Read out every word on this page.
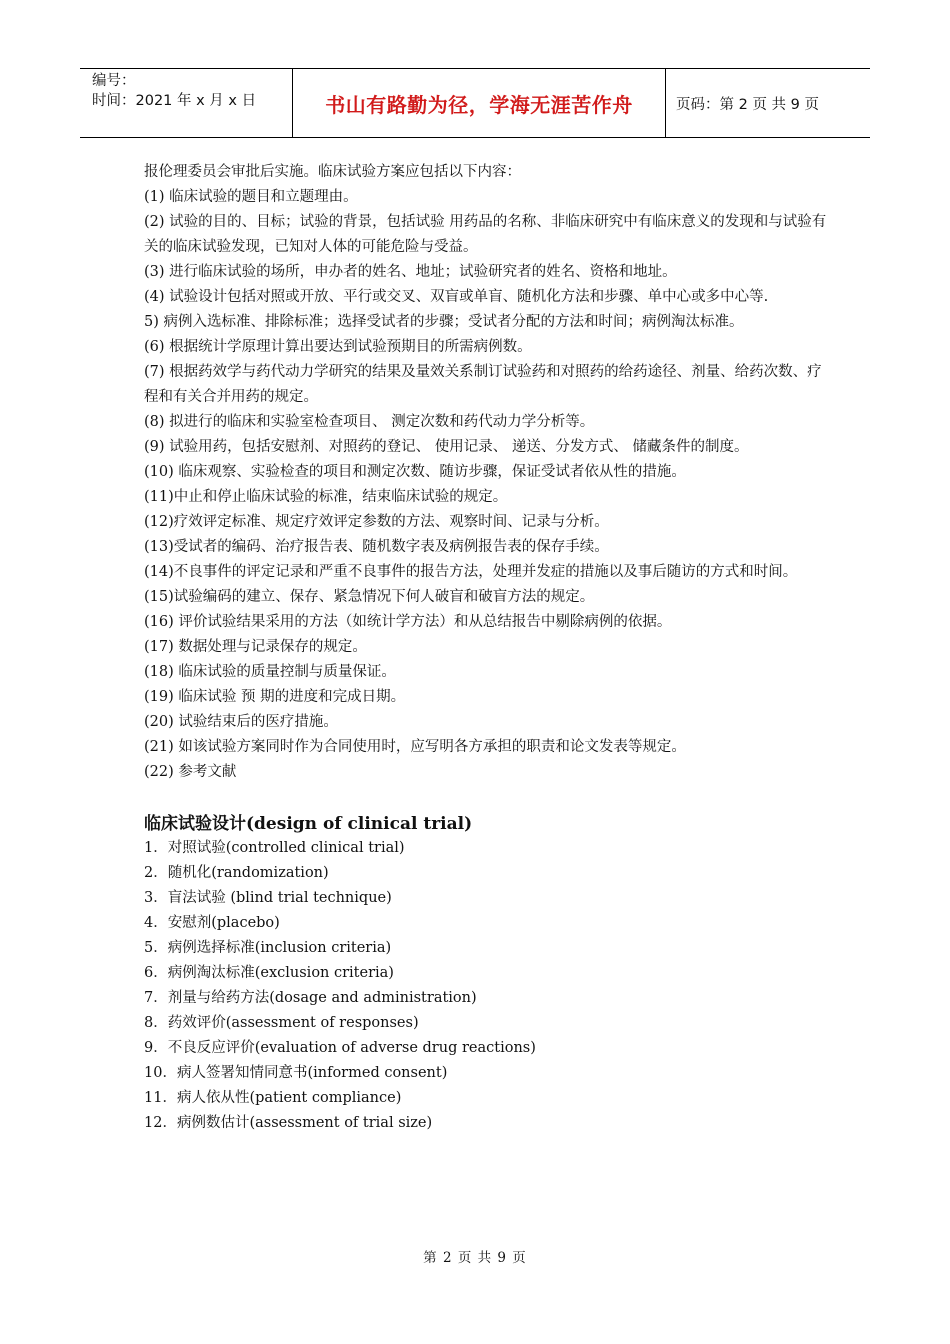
编号：
时间：2021 年 x 月 x 日	书山有路勤为径，学海无涯苦作舟	页码：第 2 页 共 9 页

报伦理委员会审批后实施。临床试验方案应包括以下内容：

(1) 临床试验的题目和立题理由。

(2) 试验的目的、目标；试验的背景，包括试验 用药品的名称、非临床研究中有临床意义的发现和与试验有关的临床试验发现，已知对人体的可能危险与受益。

(3) 进行临床试验的场所，申办者的姓名、地址；试验研究者的姓名、资格和地址。

(4) 试验设计包括对照或开放、平行或交叉、双盲或单盲、随机化方法和步骤、单中心或多中心等.

5) 病例入选标准、排除标准；选择受试者的步骤；受试者分配的方法和时间；病例淘汰标准。

(6) 根据统计学原理计算出要达到试验预期目的所需病例数。

(7) 根据药效学与药代动力学研究的结果及量效关系制订试验药和对照药的给药途径、剂量、给药次数、疗程和有关合并用药的规定。

(8) 拟进行的临床和实验室检查项目、 测定次数和药代动力学分析等。

(9) 试验用药，包括安慰剂、对照药的登记、 使用记录、 递送、分发方式、 储藏条件的制度。

(10) 临床观察、实验检查的项目和测定次数、随访步骤，保证受试者依从性的措施。

(11)中止和停止临床试验的标准，结束临床试验的规定。

(12)疗效评定标准、规定疗效评定参数的方法、观察时间、记录与分析。

(13)受试者的编码、治疗报告表、随机数字表及病例报告表的保存手续。

(14)不良事件的评定记录和严重不良事件的报告方法，处理并发症的措施以及事后随访的方式和时间。

(15)试验编码的建立、保存、紧急情况下何人破盲和破盲方法的规定。

(16) 评价试验结果采用的方法（如统计学方法）和从总结报告中剔除病例的依据。

(17) 数据处理与记录保存的规定。

(18) 临床试验的质量控制与质量保证。

(19) 临床试验 预 期的进度和完成日期。

(20) 试验结束后的医疗措施。

(21) 如该试验方案同时作为合同使用时，应写明各方承担的职责和论文发表等规定。

(22) 参考文献

临床试验设计(design of clinical trial)

1．对照试验(controlled clinical trial)

2．随机化(randomization)

3．盲法试验 (blind trial technique)

4．安慰剂(placebo)

5．病例选择标准(inclusion criteria)

6．病例淘汰标准(exclusion criteria)

7．剂量与给药方法(dosage and administration)

8．药效评价(assessment of responses)

9．不良反应评价(evaluation of adverse drug reactions)

10．病人签署知情同意书(informed consent)

11．病人依从性(patient compliance)

12．病例数估计(assessment of trial size)

第 2 页 共 9 页
